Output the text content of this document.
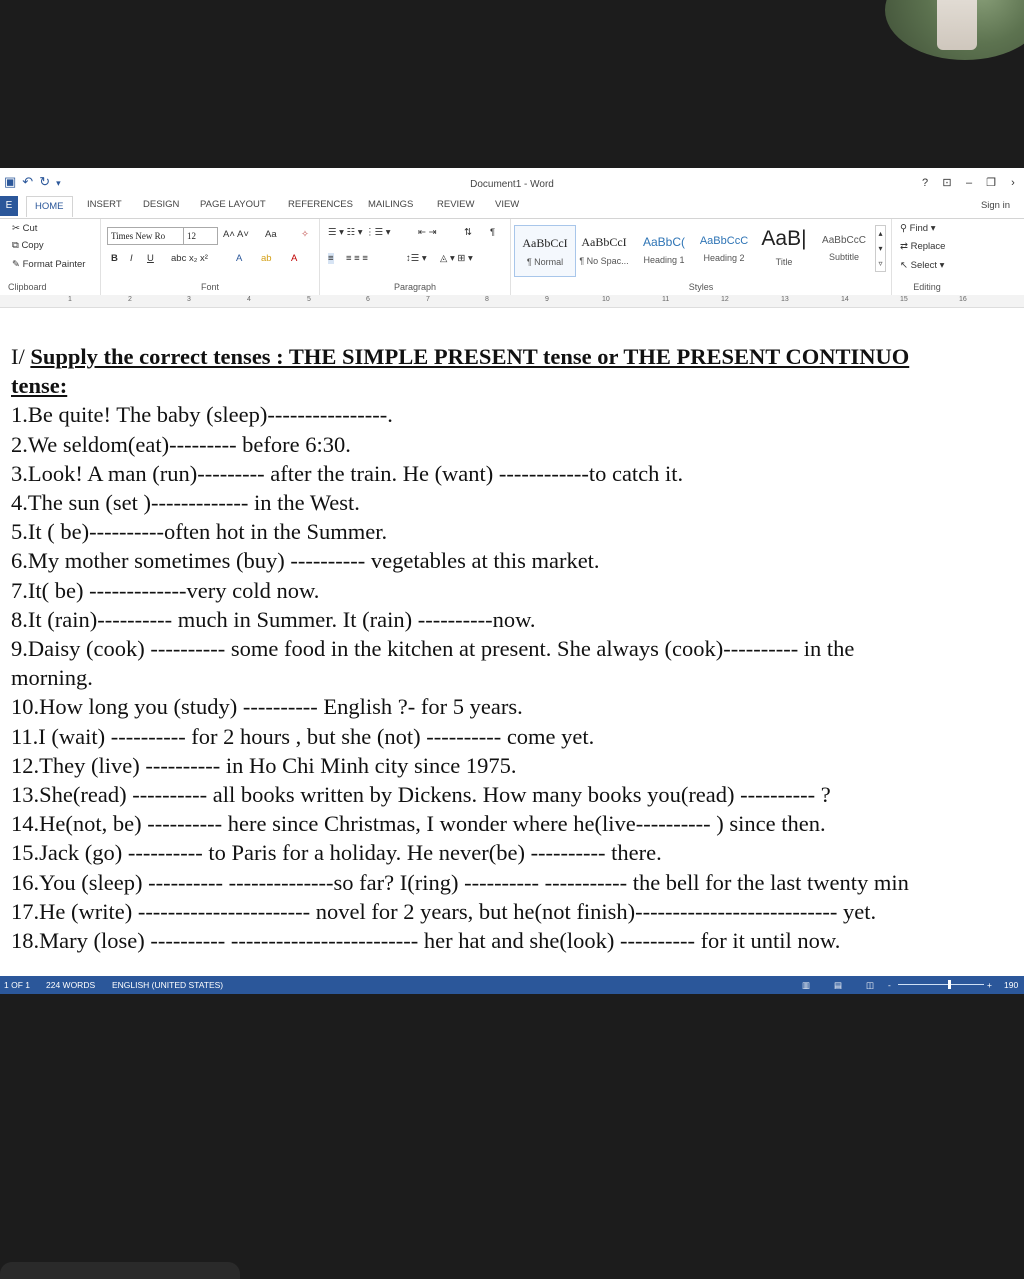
▣↶↻▾	Document1 - Word	? ⊡ – ❐ ›
E	HOME	INSERT DESIGN PAGE LAYOUT REFERENCES MAILINGS REVIEW VIEW	Sign in
✂ Cut
⧉ Copy
✎ Format Painter
Clipboard
Times New Ro	12	A˄ A˅ Aa	✧
B I U abc x₂ x²	A ab A
Font
☰ ▾ ☷ ▾ ⋮☰ ▾	⇤ ⇥	⇅ ¶
≡ ≡ ≡ ≡	↕☰ ▾ ◬ ▾ ⊞ ▾
Paragraph
AaBbCcI
¶ Normal
AaBbCcI
¶ No Spac...
AaBbC(
Heading 1
AaBbCcC
Heading 2
AaB|
Title
AaBbCcC
Subtitle
▴
▾
▿
Styles
⚲ Find ▾
⇄ Replace
↖ Select ▾
Editing
1	2	3	4	5	6	7	8	9	10	11	12	13	14	15	16
I/ Supply the correct tenses : THE SIMPLE PRESENT tense or THE PRESENT CONTINUO
tense:
1.Be quite! The baby (sleep)----------------.
2.We seldom(eat)--------- before 6:30.
3.Look! A man (run)--------- after the train. He (want) ------------to catch it.
4.The sun (set )------------- in the West.
5.It ( be)----------often hot in the Summer.
6.My mother sometimes (buy) ---------- vegetables at this market.
7.It( be) -------------very cold now.
8.It (rain)---------- much in Summer. It (rain) ----------now.
9.Daisy (cook) ---------- some food in the kitchen at present. She always (cook)---------- in the
morning.
10.How long you (study) ---------- English ?- for 5 years.
11.I (wait) ---------- for 2 hours , but she (not) ---------- come yet.
12.They (live) ---------- in Ho Chi Minh city since 1975.
13.She(read) ---------- all books written by Dickens. How many books you(read) ---------- ?
14.He(not, be) ---------- here since Christmas, I wonder where he(live---------- ) since then.
15.Jack (go) ---------- to Paris for a holiday. He never(be) ---------- there.
16.You (sleep) ---------- --------------so far? I(ring) ---------- ----------- the bell for the last twenty min
17.He (write) ----------------------- novel for 2 years, but he(not finish)--------------------------- yet.
18.Mary (lose) ---------- ------------------------- her hat and she(look) ---------- for it until now.
1 OF 1 224 WORDS ENGLISH (UNITED STATES)	▥	▤	◫ -	+ 190
